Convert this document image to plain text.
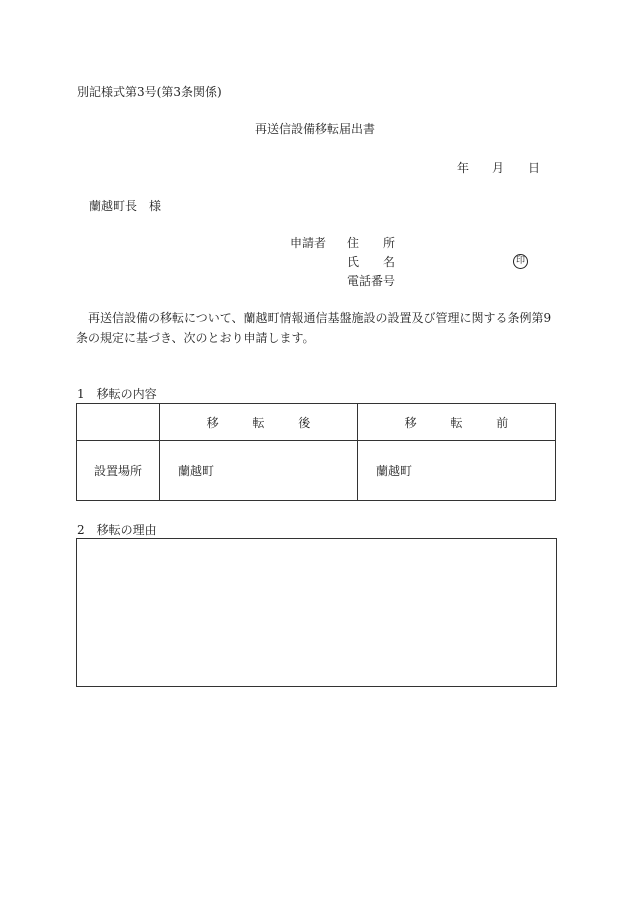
別記様式第3号(第3条関係)
再送信設備移転届出書
年 月 日
蘭越町長　様
申請者 住　　所
氏　　名	印
電話番号
再送信設備の移転について、蘭越町情報通信基盤施設の設置及び管理に関する条例第9条の規定に基づき、次のとおり申請します。
1　移転の内容
	移 転 後	移 転 前
設置場所	蘭越町	蘭越町
2　移転の理由
